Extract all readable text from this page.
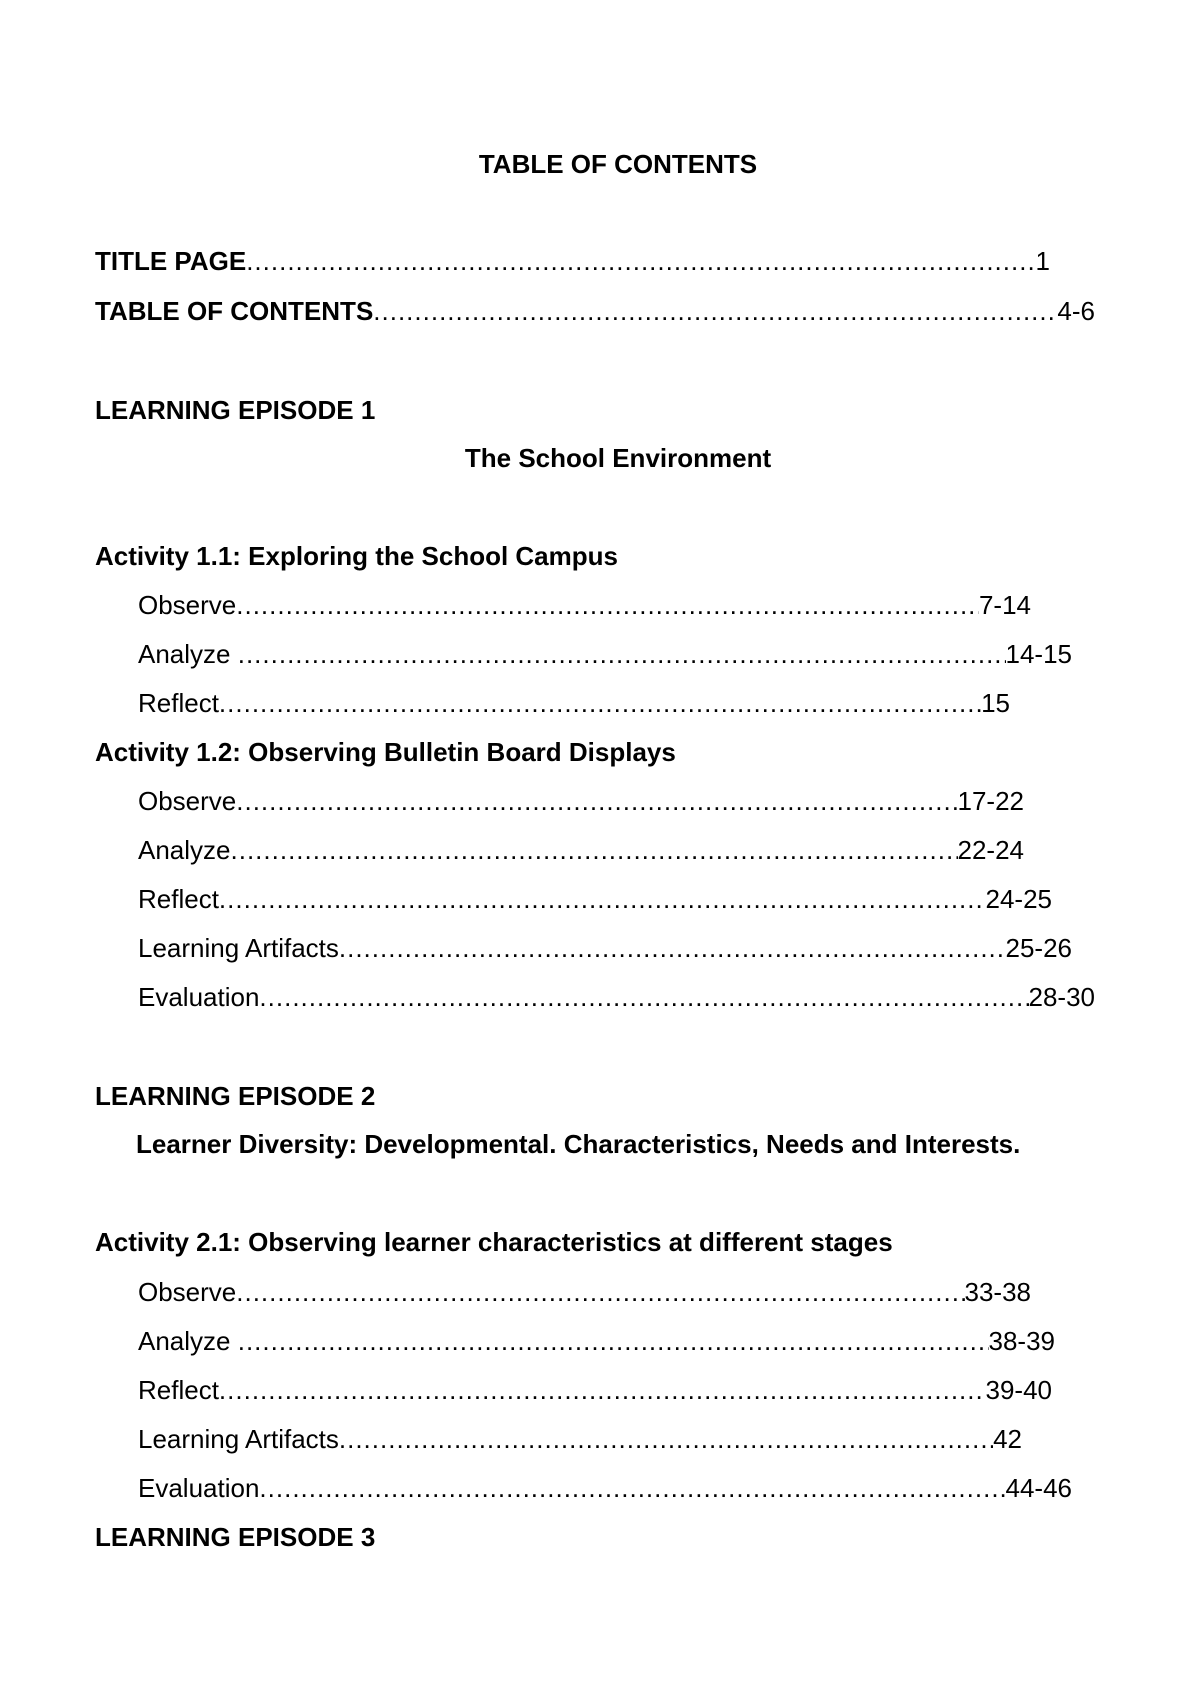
TABLE OF CONTENTS
TITLE PAGE .....	1
TABLE OF CONTENTS .....	4-6
LEARNING EPISODE 1
The School Environment
Activity 1.1: Exploring the School Campus
Observe .....	7-14
Analyze .....	14-15
Reflect .....	15
Activity 1.2: Observing Bulletin Board Displays
Observe .....	17-22
Analyze .....	22-24
Reflect .....	24-25
Learning Artifacts .....	25-26
Evaluation .....	28-30
LEARNING EPISODE 2
Learner Diversity: Developmental. Characteristics, Needs and Interests.
Activity 2.1: Observing learner characteristics at different stages
Observe .....	33-38
Analyze .....	38-39
Reflect .....	39-40
Learning Artifacts .....	42
Evaluation .....	44-46
LEARNING EPISODE 3
